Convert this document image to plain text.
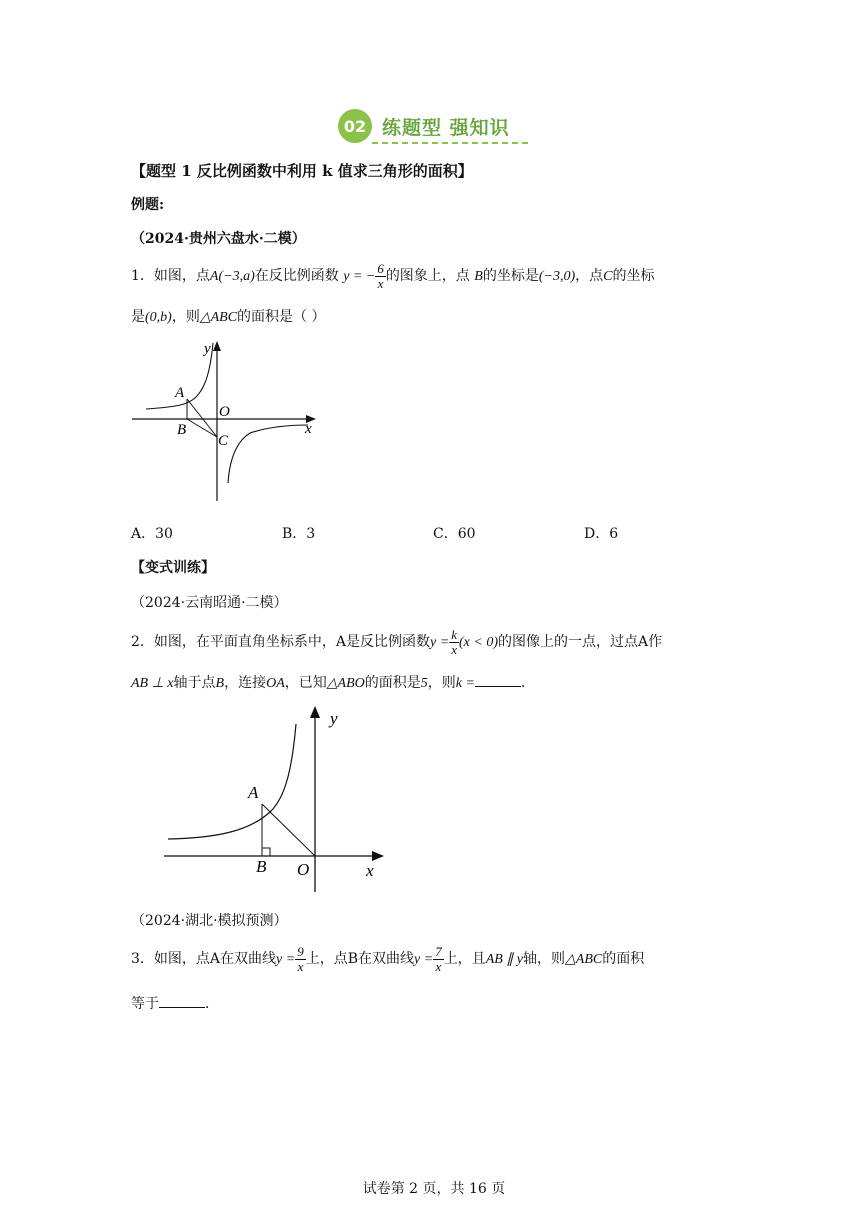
02 练题型 强知识
【题型 1 反比例函数中利用 k 值求三角形的面积】
例题:
（2024·贵州六盘水·二模）
1．如图，点A(−3,a)在反比例函数 y = − $\frac{6}{x}$ 的图象上，点 B的坐标是(−3,0)，点C的坐标
是(0,b)，则△ABC的面积是（ ）
y
x
A
O
B
C
A．30	B．3	C．60	D．6
【变式训练】
（2024·云南昭通·二模）
2．如图，在平面直角坐标系中，A是反比例函数$y = \frac{k}{x} (x < 0)$的图像上的一点，过点A作
AB ⊥ x轴于点B，连接OA，已知△ABO的面积是5，则k =	.
y
x
A
B O
（2024·湖北·模拟预测）
3．如图，点A在双曲线$y = \frac{9}{x}$ 上，点B在双曲线$y = \frac{7}{x}$ 上，且AB ∥ y轴，则△ABC的面积
等于	.
试卷第 2 页，共 16 页
